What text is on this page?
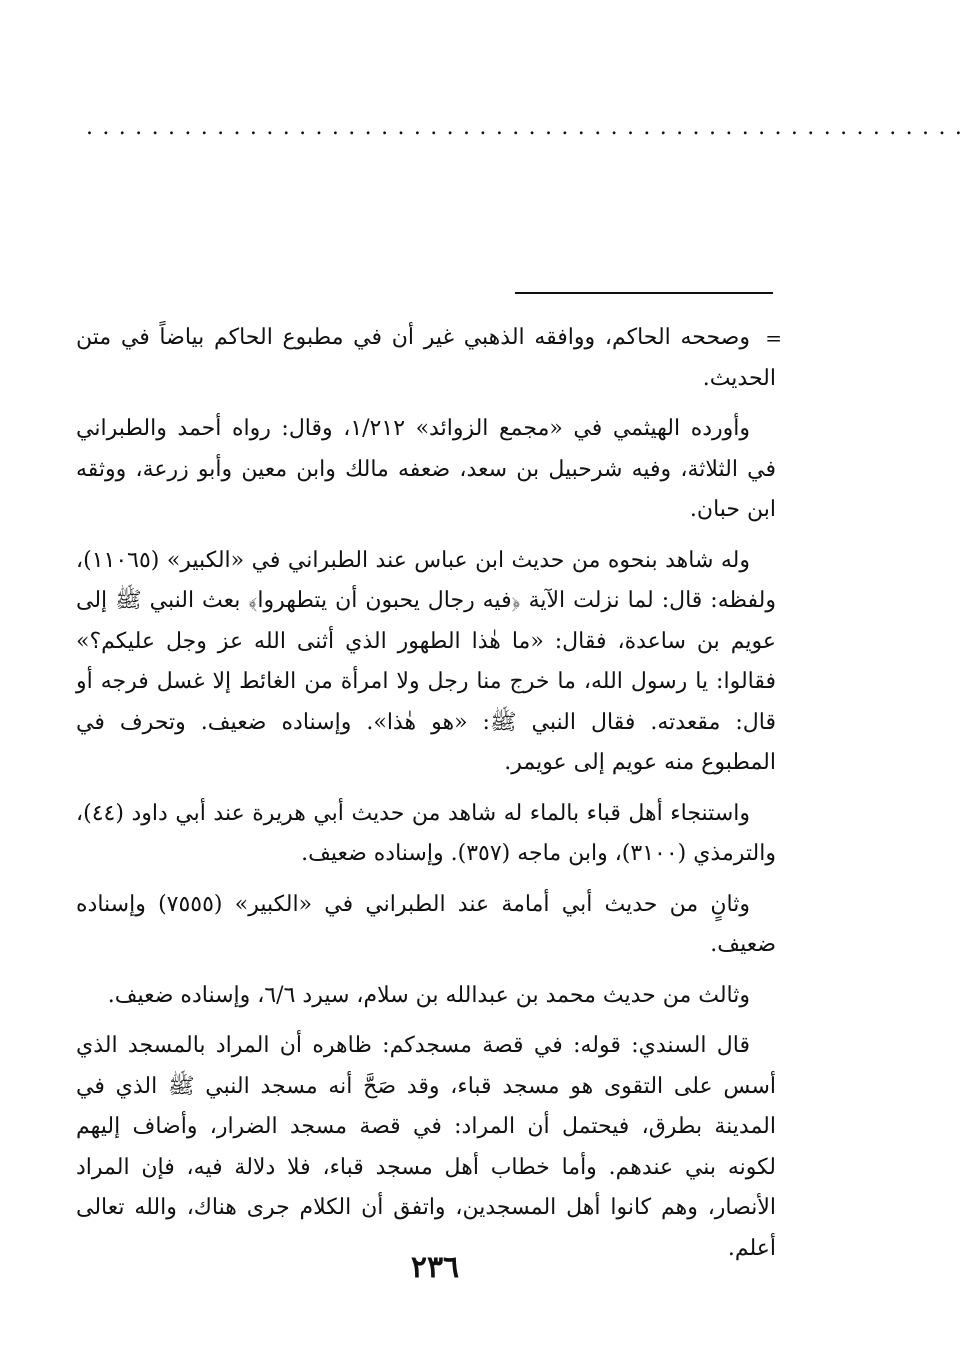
......................................................

=
وصححه الحاكم، ووافقه الذهبي غير أن في مطبوع الحاكم بياضاً في متن الحديث.

وأورده الهيثمي في «مجمع الزوائد» ١/٢١٢، وقال: رواه أحمد والطبراني في الثلاثة، وفيه شرحبيل بن سعد، ضعفه مالك وابن معين وأبو زرعة، ووثقه ابن حبان.

وله شاهد بنحوه من حديث ابن عباس عند الطبراني في «الكبير» (١١٠٦٥)، ولفظه: قال: لما نزلت الآية ﴿فيه رجال يحبون أن يتطهروا﴾ بعث النبي ﷺ إلى عويم بن ساعدة، فقال: «ما هٰذا الطهور الذي أثنى الله عز وجل عليكم؟» فقالوا: يا رسول الله، ما خرج منا رجل ولا امرأة من الغائط إلا غسل فرجه أو قال: مقعدته. فقال النبي ﷺ: «هو هٰذا». وإسناده ضعيف. وتحرف في المطبوع منه عويم إلى عويمر.

واستنجاء أهل قباء بالماء له شاهد من حديث أبي هريرة عند أبي داود (٤٤)، والترمذي (٣١٠٠)، وابن ماجه (٣٥٧). وإسناده ضعيف.

وثانٍ من حديث أبي أمامة عند الطبراني في «الكبير» (٧٥٥٥) وإسناده ضعيف.

وثالث من حديث محمد بن عبدالله بن سلام، سيرد ٦/٦، وإسناده ضعيف.

قال السندي: قوله: في قصة مسجدكم: ظاهره أن المراد بالمسجد الذي أسس على التقوى هو مسجد قباء، وقد صَحَّ أنه مسجد النبي ﷺ الذي في المدينة بطرق، فيحتمل أن المراد: في قصة مسجد الضرار، وأضاف إليهم لكونه بني عندهم. وأما خطاب أهل مسجد قباء، فلا دلالة فيه، فإن المراد الأنصار، وهم كانوا أهل المسجدين، واتفق أن الكلام جرى هناك، والله تعالى أعلم.

٢٣٦
